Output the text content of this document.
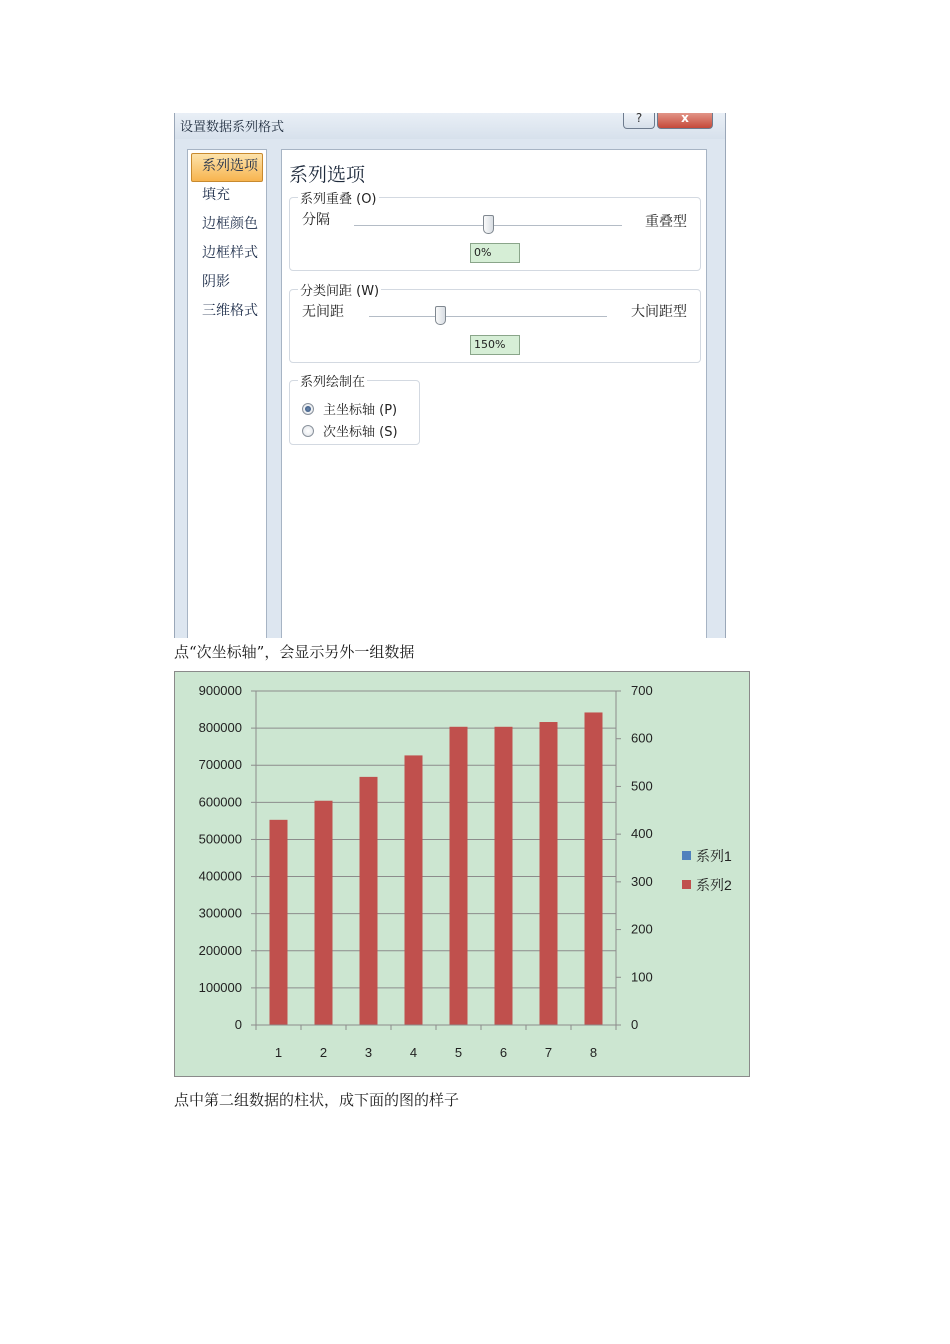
设置数据系列格式
?	x
系列选项
填充
边框颜色
边框样式
阴影
三维格式
系列选项
系列重叠 (O)
分隔	重叠型
0%
分类间距 (W)
无间距	大间距型
150%
系列绘制在
主坐标轴 (P)
次坐标轴 (S)
点“次坐标轴”，会显示另外一组数据
0
100000
200000
300000
400000
500000
600000
700000
800000
900000
0
100
200
300
400
500
600
700
1	2	3	4	5	6	7	8
系列1
系列2
点中第二组数据的柱状，成下面的图的样子
